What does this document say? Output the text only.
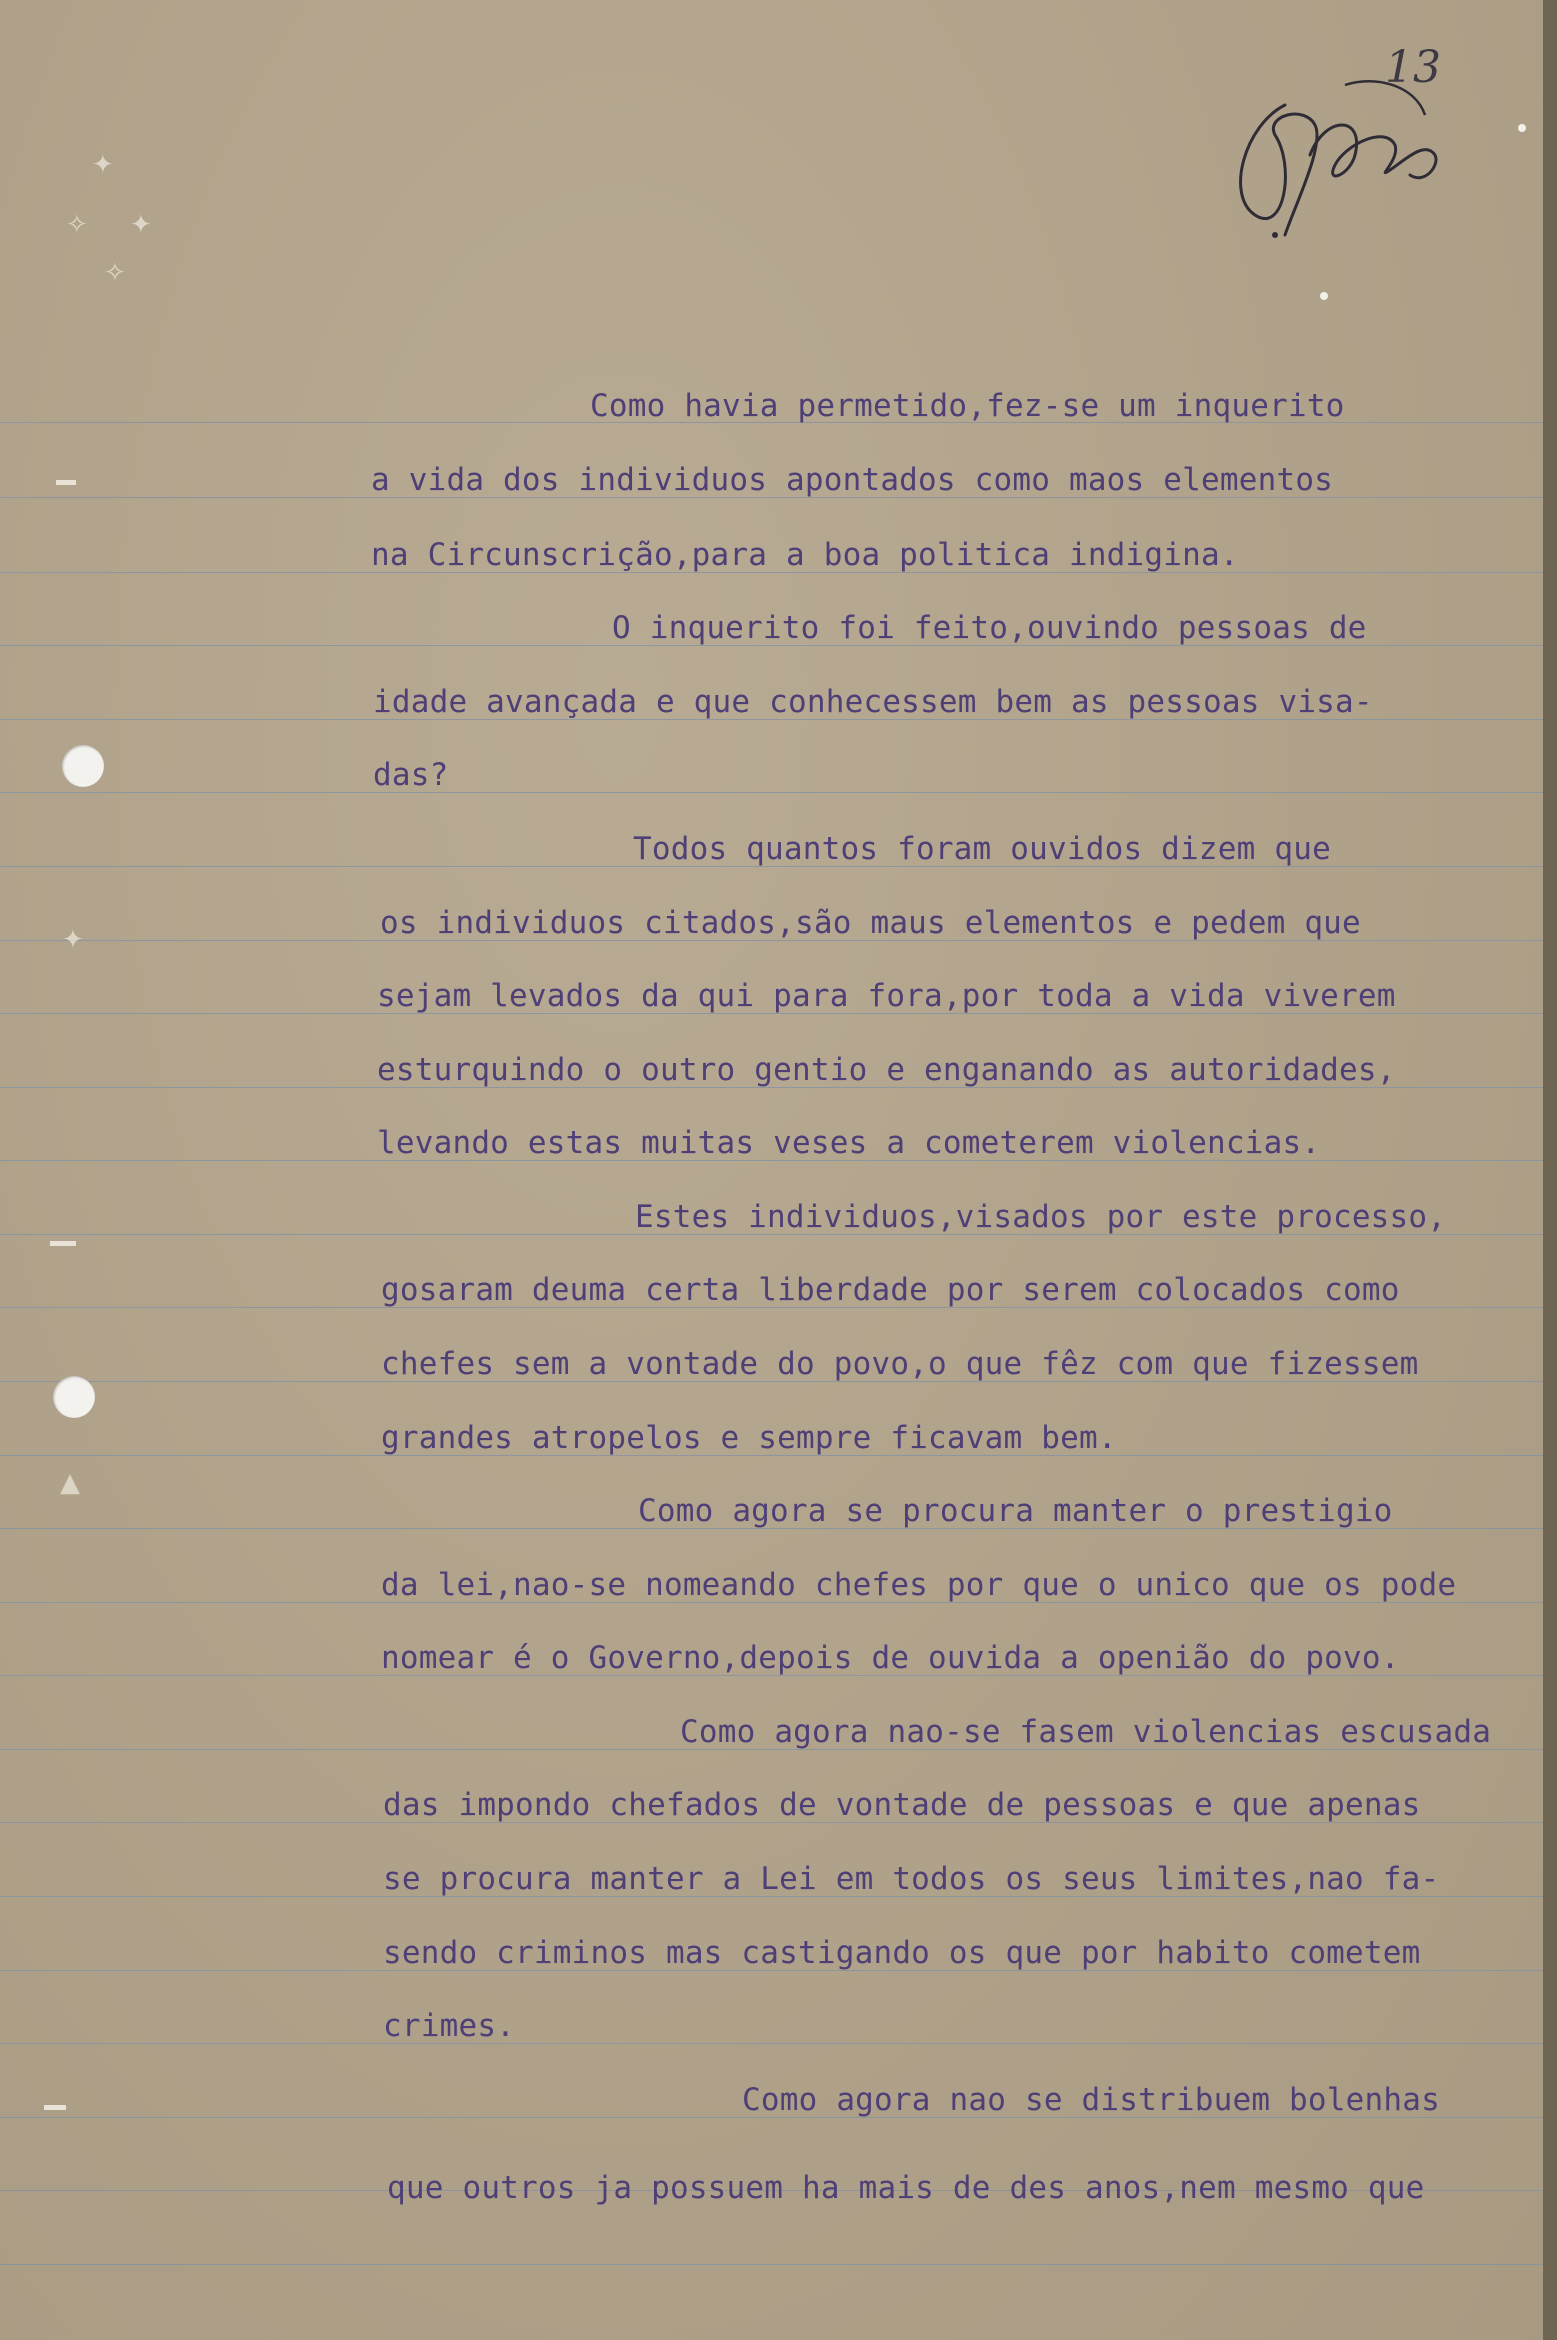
✦
✧ ✦
✧
✦
▲
13
Como havia permetido,fez-se um inquerito
a vida dos individuos apontados como maos elementos
na Circunscrição,para a boa politica indigina.
O inquerito foi feito,ouvindo pessoas de
idade avançada e que conhecessem bem as pessoas visa-
das?
Todos quantos foram ouvidos dizem que
os individuos citados,são maus elementos e pedem que
sejam levados da qui para fora,por toda a vida viverem
esturquindo o outro gentio e enganando as autoridades,
levando estas muitas veses a cometerem violencias.
Estes individuos,visados por este processo,
gosaram deuma certa liberdade por serem colocados como
chefes sem a vontade do povo,o que fêz com que fizessem
grandes atropelos e sempre ficavam bem.
Como agora se procura manter o prestigio
da lei,nao-se nomeando chefes por que o unico que os pode
nomear é o Governo,depois de ouvida a openião do povo.
Como agora nao-se fasem violencias escusada
das impondo chefados de vontade de pessoas e que apenas
se procura manter a Lei em todos os seus limites,nao fa-
sendo criminos mas castigando os que por habito cometem
crimes.
Como agora nao se distribuem bolenhas
que outros ja possuem ha mais de des anos,nem mesmo que
